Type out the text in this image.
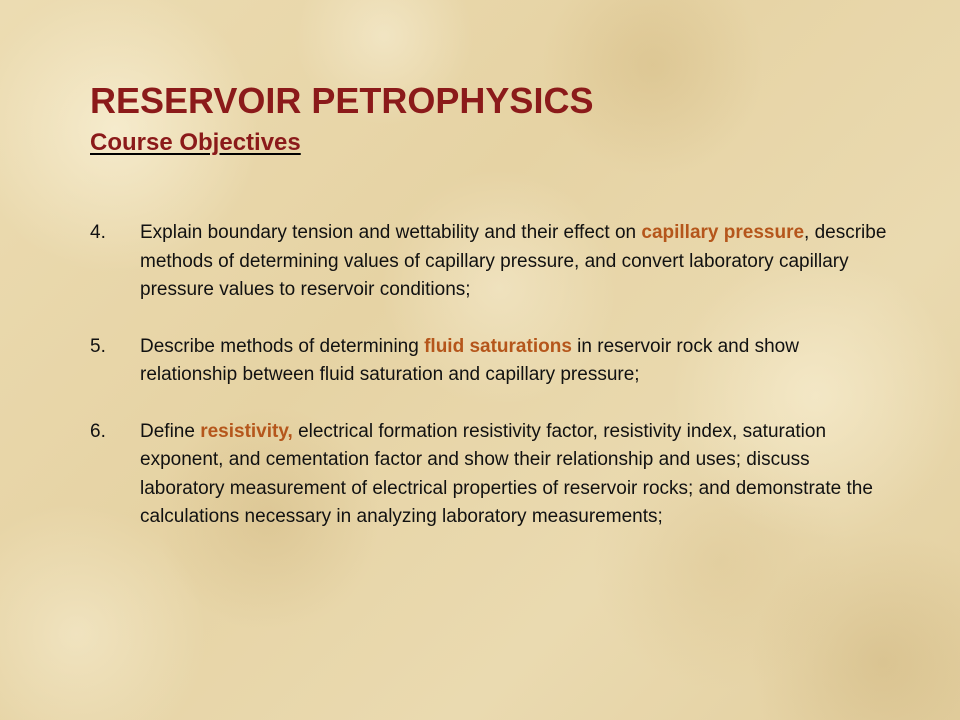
RESERVOIR PETROPHYSICS
Course Objectives
4.	Explain boundary tension and wettability and their effect on capillary pressure, describe methods of determining values of capillary pressure, and convert laboratory capillary pressure values to reservoir conditions;
5.	Describe methods of determining fluid saturations in reservoir rock and show relationship between fluid saturation and capillary pressure;
6.	Define resistivity, electrical formation resistivity factor, resistivity index, saturation exponent, and cementation factor and show their relationship and uses; discuss laboratory measurement of electrical properties of reservoir rocks; and demonstrate the calculations necessary in analyzing laboratory measurements;
